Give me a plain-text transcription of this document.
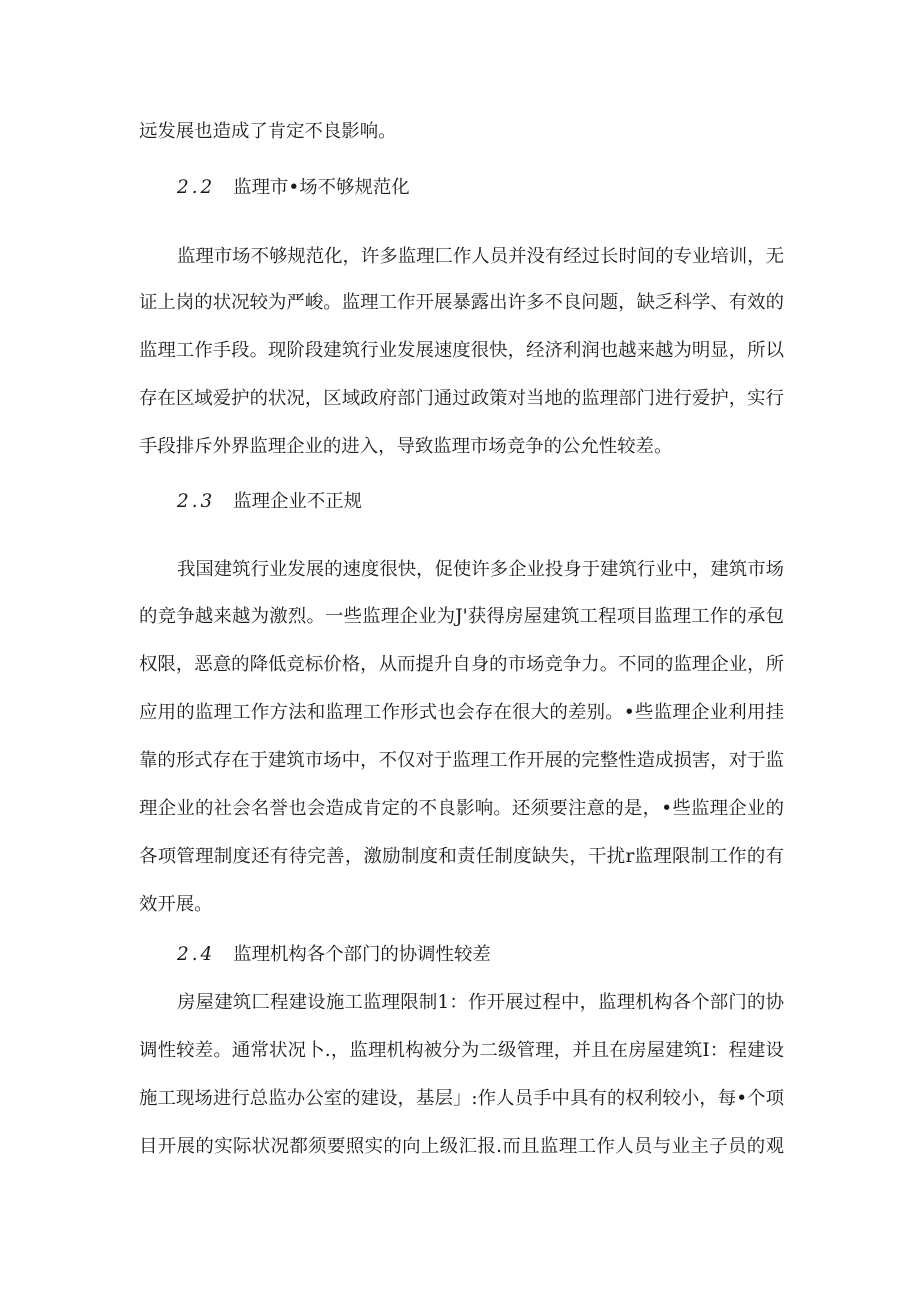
远发展也造成了肯定不良影响。
2.2 监理市•场不够规范化
监理市场不够规范化，许多监理匚作人员并没有经过长时间的专业培训，无
证上岗的状况较为严峻。监理工作开展暴露出许多不良问题，缺乏科学、有效的
监理工作手段。现阶段建筑行业发展速度很快，经济利润也越来越为明显，所以
存在区域爱护的状况，区域政府部门通过政策对当地的监理部门进行爱护，实行
手段排斥外界监理企业的进入，导致监理市场竞争的公允性较差。
2.3 监理企业不正规
我国建筑行业发展的速度很快，促使许多企业投身于建筑行业中，建筑市场
的竞争越来越为激烈。一些监理企业为J'获得房屋建筑工程项目监理工作的承包
权限，恶意的降低竞标价格，从而提升自身的市场竞争力。不同的监理企业，所
应用的监理工作方法和监理工作形式也会存在很大的差别。•些监理企业利用挂
靠的形式存在于建筑市场中，不仅对于监理工作开展的完整性造成损害，对于监
理企业的社会名誉也会造成肯定的不良影响。还须要注意的是，•些监理企业的
各项管理制度还有待完善，激励制度和责任制度缺失，干扰r监理限制工作的有
效开展。
2.4 监理机构各个部门的协调性较差
房屋建筑匚程建设施工监理限制1：作开展过程中，监理机构各个部门的协
调性较差。通常状况卜.，监理机构被分为二级管理，并且在房屋建筑I：程建设
施工现场进行总监办公室的建设，基层」:作人员手中具有的权利较小，每•个项
目开展的实际状况都须要照实的向上级汇报.而且监理工作人员与业主子员的观
